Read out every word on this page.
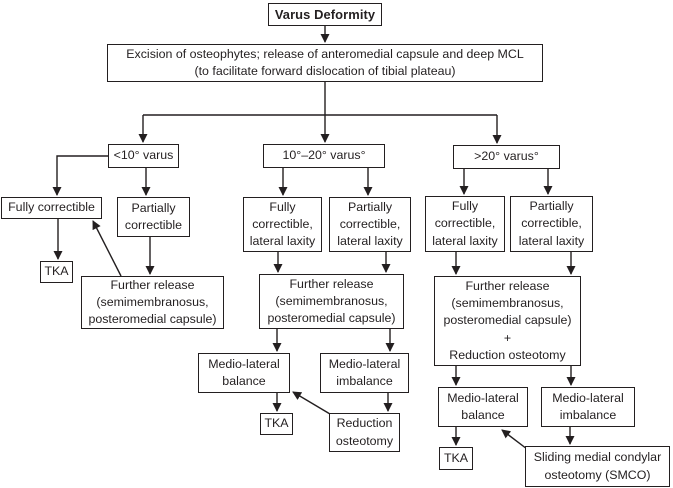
Varus Deformity
Excision of osteophytes; release of anteromedial capsule and deep MCL
(to facilitate forward dislocation of tibial plateau)
<10° varus	10°–20° varus°	>20° varus°
Fully correctible	Partially
correctible
TKA
Further release
(semimembranosus,
posteromedial capsule)
Fully
correctible,
lateral laxity
Partially
correctible,
lateral laxity
Further release
(semimembranosus,
posteromedial capsule)
Medio-lateral
balance
Medio-lateral
imbalance
TKA	Reduction
osteotomy
Fully
correctible,
lateral laxity
Partially
correctible,
lateral laxity
Further release
(semimembranosus,
posteromedial capsule)
+
Reduction osteotomy
Medio-lateral
balance
Medio-lateral
imbalance
TKA	Sliding medial condylar
osteotomy (SMCO)
